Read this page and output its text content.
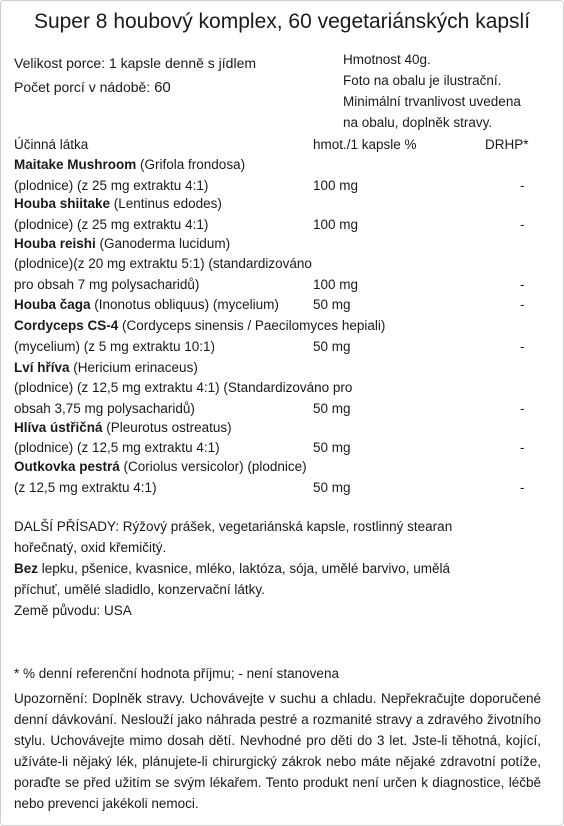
Super 8 houbový komplex, 60 vegetariánských kapslí
Velikost porce: 1 kapsle denně s jídlem
Počet porcí v nádobě: 60
Hmotnost 40g.
Foto na obalu je ilustrační.
Minimální trvanlivost uvedena
na obalu, doplněk stravy.
Účinná látka	hmot./1 kapsle %	DRHP*
Maitake Mushroom (Grifola frondosa)
(plodnice) (z 25 mg extraktu 4:1)	100 mg	-
Houba shiitake (Lentinus edodes)
(plodnice) (z 25 mg extraktu 4:1)	100 mg	-
Houba reishi (Ganoderma lucidum)
(plodnice)(z 20 mg extraktu 5:1) (standardizováno
pro obsah 7 mg polysacharidů)	100 mg	-
Houba čaga (Inonotus obliquus) (mycelium)	50 mg	-
Cordyceps CS-4 (Cordyceps sinensis / Paecilomyces hepiali)
(mycelium) (z 5 mg extraktu 10:1)	50 mg	-
Lví hříva (Hericium erinaceus)
(plodnice) (z 12,5 mg extraktu 4:1) (Standardizováno pro
obsah 3,75 mg polysacharidů)	50 mg	-
Hlíva ústřičná (Pleurotus ostreatus)
(plodnice) (z 12,5 mg extraktu 4:1)	50 mg	-
Outkovka pestrá (Coriolus versicolor) (plodnice)
(z 12,5 mg extraktu 4:1)	50 mg	-
DALŠÍ PŘÍSADY: Rýžový prášek, vegetariánská kapsle, rostlinný stearan
hořečnatý, oxid křemičitý.
Bez lepku, pšenice, kvasnice, mléko, laktóza, sója, umělé barvivo, umělá
příchuť, umělé sladidlo, konzervační látky.
Země původu: USA
* % denní referenční hodnota příjmu; - není stanovena

Upozornění: Doplněk stravy. Uchovávejte v suchu a chladu. Nepřekračujte doporučené denní dávkování. Neslouží jako náhrada pestré a rozmanité stravy a zdravého životního stylu. Uchovávejte mimo dosah dětí. Nevhodné pro děti do 3 let. Jste-li těhotná, kojící, užíváte-li nějaký lék, plánujete-li chirurgický zákrok nebo máte nějaké zdravotní potíže, poraďte se před užitím se svým lékařem. Tento produkt není určen k diagnostice, léčbě nebo prevenci jakékoli nemoci.
